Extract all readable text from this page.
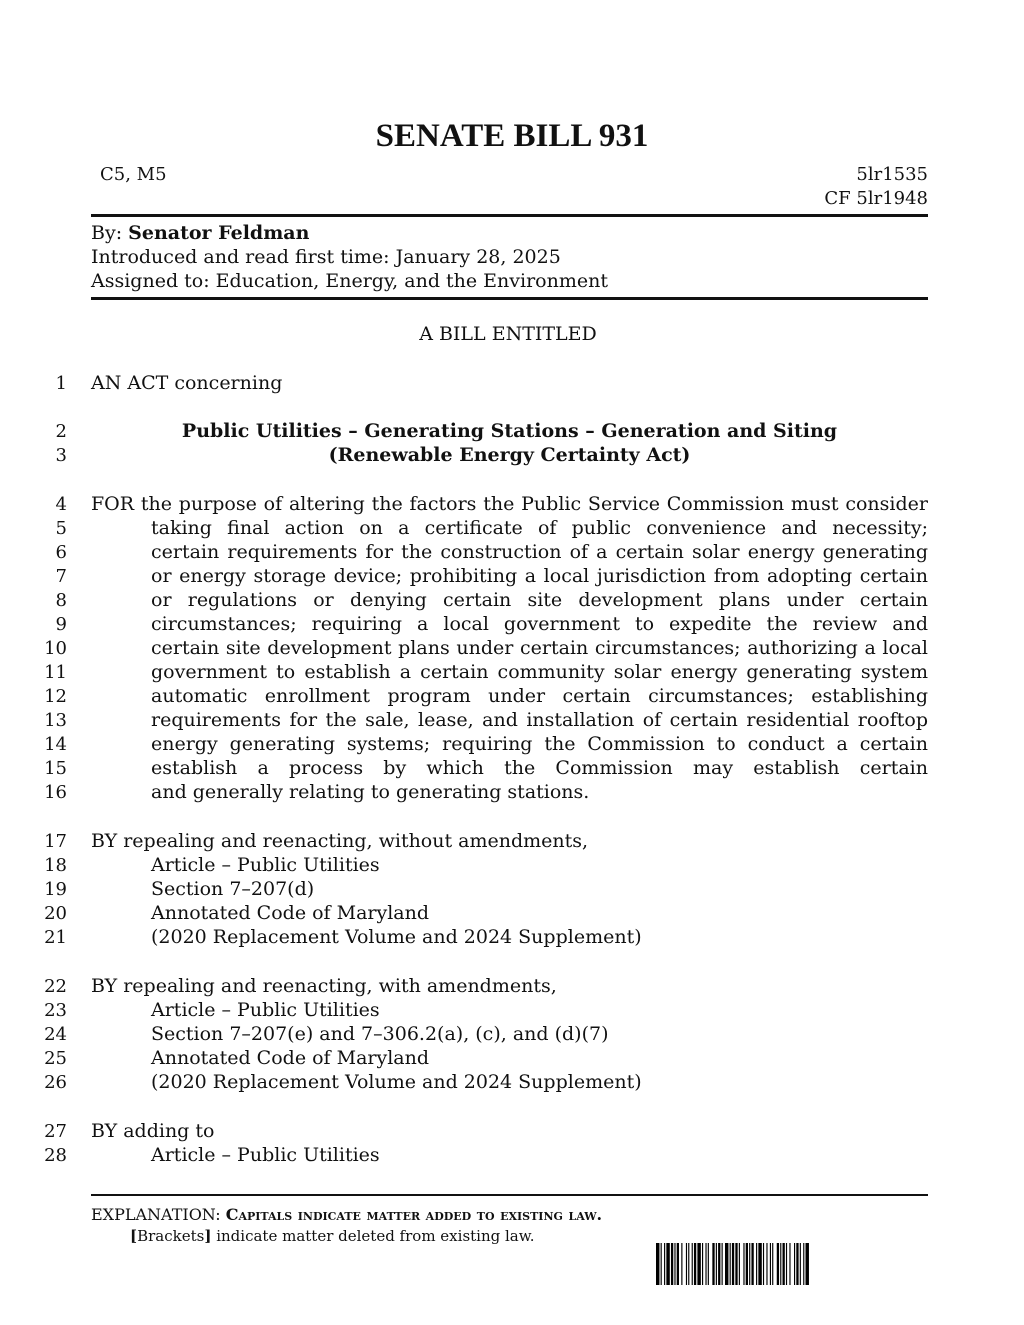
SENATE BILL 931
C5, M5	5lr1535
CF 5lr1948
By: Senator Feldman
Introduced and read first time: January 28, 2025
Assigned to: Education, Energy, and the Environment
A BILL ENTITLED
1 AN ACT concerning
2	Public Utilities – Generating Stations – Generation and Siting
3	(Renewable Energy Certainty Act)
4 FOR the purpose of altering the factors the Public Service Commission must consider
5	taking final action on a certificate of public convenience and necessity;
6	certain requirements for the construction of a certain solar energy generating
7	or energy storage device; prohibiting a local jurisdiction from adopting certain
8	or regulations or denying certain site development plans under certain
9	circumstances; requiring a local government to expedite the review and
10	certain site development plans under certain circumstances; authorizing a local
11	government to establish a certain community solar energy generating system
12	automatic enrollment program under certain circumstances; establishing
13	requirements for the sale, lease, and installation of certain residential rooftop
14	energy generating systems; requiring the Commission to conduct a certain
15	establish a process by which the Commission may establish certain
16	and generally relating to generating stations.
17 BY repealing and reenacting, without amendments,
18	Article – Public Utilities
19	Section 7–207(d)
20	Annotated Code of Maryland
21	(2020 Replacement Volume and 2024 Supplement)
22 BY repealing and reenacting, with amendments,
23	Article – Public Utilities
24	Section 7–207(e) and 7–306.2(a), (c), and (d)(7)
25	Annotated Code of Maryland
26	(2020 Replacement Volume and 2024 Supplement)
27 BY adding to
28	Article – Public Utilities
EXPLANATION: Capitals indicate matter added to existing law.
[Brackets] indicate matter deleted from existing law.
